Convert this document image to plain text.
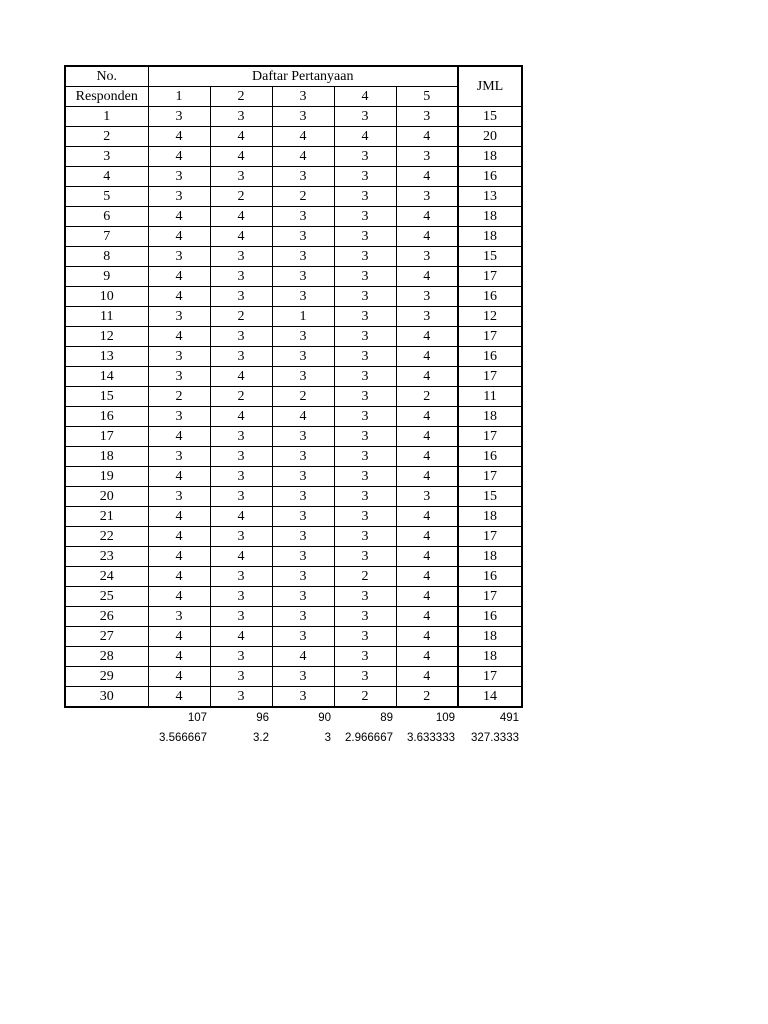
No.	Daftar Pertanyaan					JML
Responden	1	2	3	4	5	
1	3	3	3	3	3	15
2	4	4	4	4	4	20
3	4	4	4	3	3	18
4	3	3	3	3	4	16
5	3	2	2	3	3	13
6	4	4	3	3	4	18
7	4	4	3	3	4	18
8	3	3	3	3	3	15
9	4	3	3	3	4	17
10	4	3	3	3	3	16
11	3	2	1	3	3	12
12	4	3	3	3	4	17
13	3	3	3	3	4	16
14	3	4	3	3	4	17
15	2	2	2	3	2	11
16	3	4	4	3	4	18
17	4	3	3	3	4	17
18	3	3	3	3	4	16
19	4	3	3	3	4	17
20	3	3	3	3	3	15
21	4	4	3	3	4	18
22	4	3	3	3	4	17
23	4	4	3	3	4	18
24	4	3	3	2	4	16
25	4	3	3	3	4	17
26	3	3	3	3	4	16
27	4	4	3	3	4	18
28	4	3	4	3	4	18
29	4	3	3	3	4	17
30	4	3	3	2	2	14
	107	96	90	89	109	491
	3.566667	3.2	3	2.966667	3.633333	327.3333
